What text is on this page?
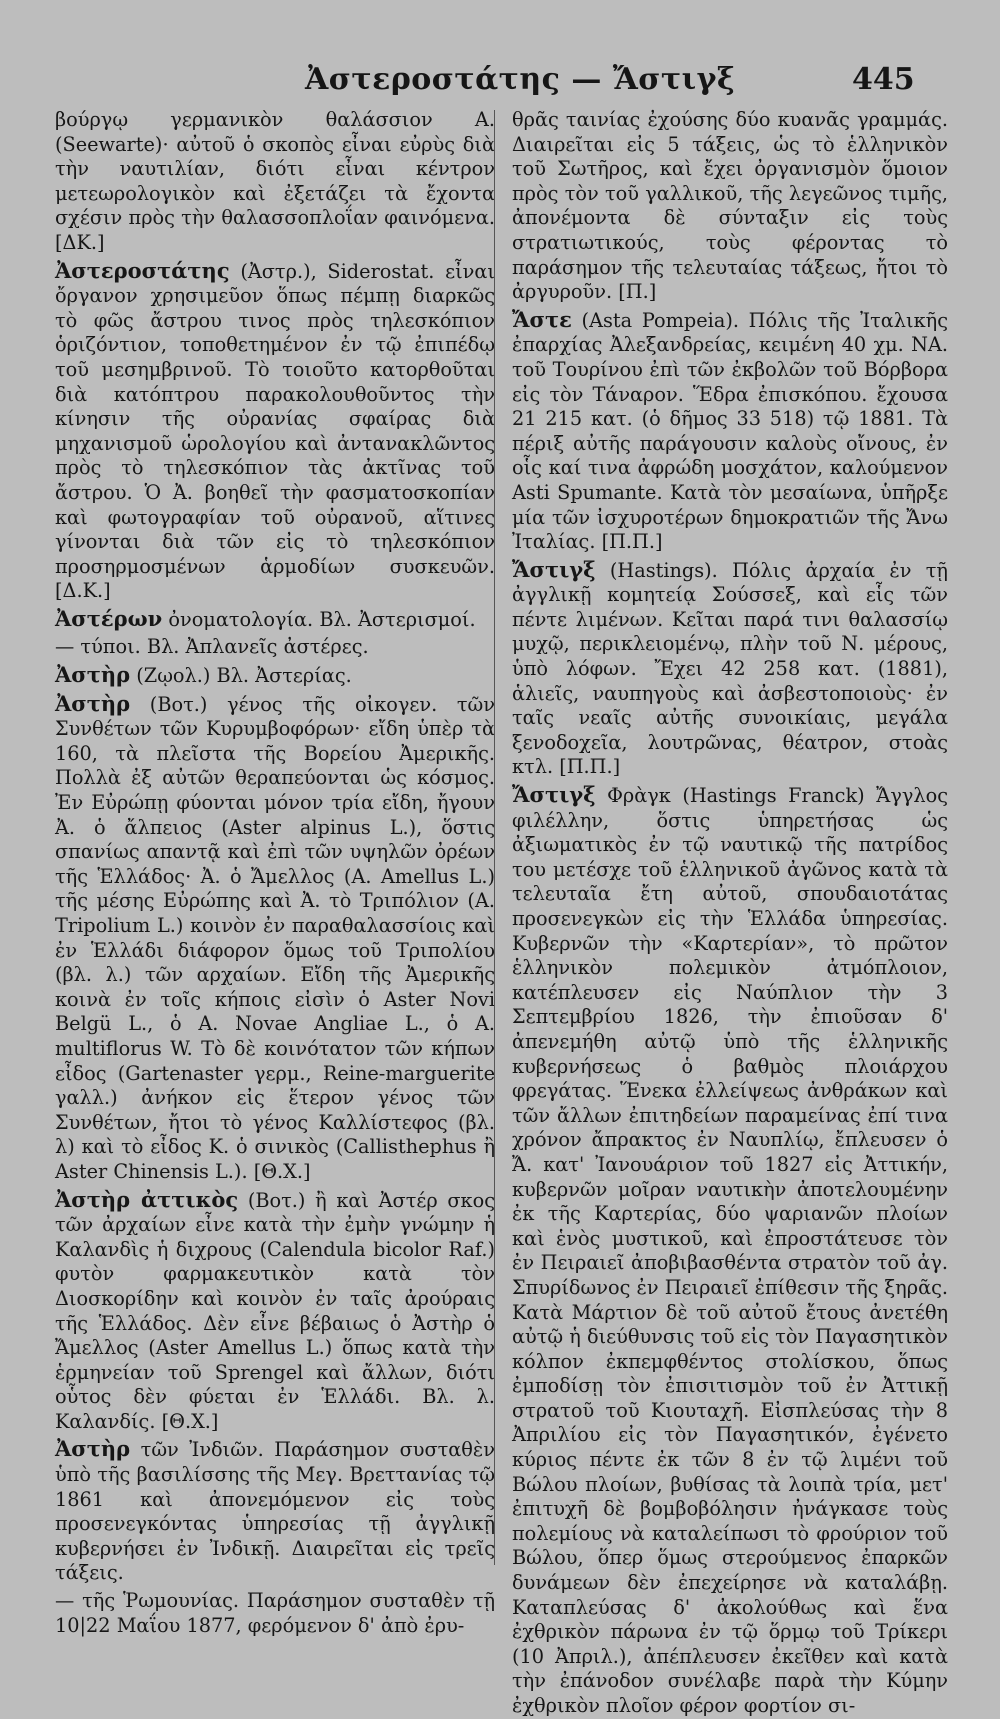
Ἀστεροστάτης — Ἄστιγξ	445

βούργῳ γερμανικὸν θαλάσσιον Α.(Seewarte)· αὐτοῦ ὁ σκοπὸς εἶναι εὐρὺς διὰ τὴν ναυτιλίαν, διότι εἶναι κέντρον μετεωρολογικὸν καὶ ἐξετάζει τὰ ἔχοντα σχέσιν πρὸς τὴν θαλασσοπλοΐαν φαινόμενα. [ΔΚ.]

Ἀστεροστάτης (Ἀστρ.), Siderostat. εἶναι ὄργανον χρησιμεῦον ὅπως πέμπῃ διαρκῶς τὸ φῶς ἄστρου τινος πρὸς τηλεσκόπιον ὁριζόντιον, τοποθετημένον ἐν τῷ ἐπιπέδῳ τοῦ μεσημβρινοῦ. Τὸ τοιοῦτο κατορθοῦται διὰ κατόπτρου παρακολουθοῦντος τὴν κίνησιν τῆς οὐρανίας σφαίρας διὰ μηχανισμοῦ ὡρολογίου καὶ ἀντανακλῶντος πρὸς τὸ τηλεσκόπιον τὰς ἀκτῖνας τοῦ ἄστρου. Ὁ Ἀ. βοηθεῖ τὴν φασματοσκοπίαν καὶ φωτογραφίαν τοῦ οὐρανοῦ, αἵτινες γίνονται διὰ τῶν εἰς τὸ τηλεσκόπιον προσηρμοσμένων ἁρμοδίων συσκευῶν. [Δ.Κ.]

Ἀστέρων ὀνοματολογία. Βλ. Ἀστερισμοί.

— τύποι. Βλ. Ἀπλανεῖς ἀστέρες.

Ἀστὴρ (Ζῳολ.) Βλ. Ἀστερίας.

Ἀστὴρ (Βοτ.) γένος τῆς οἰκογεν. τῶν Συνθέτων τῶν Κυρυμβοφόρων· εἴδη ὑπὲρ τὰ 160, τὰ πλεῖστα τῆς Βορείου Ἀμερικῆς. Πολλὰ ἐξ αὐτῶν θεραπεύονται ὡς κόσμος. Ἐν Εὐρώπῃ φύονται μόνον τρία εἴδη, ἤγουν Ἀ. ὁ ἄλπειος (Aster alpinus L.), ὅστις σπανίως απαντᾷ καὶ ἐπὶ τῶν υψηλῶν ὀρέων τῆς Ἑλλάδος· Ἀ. ὁ Ἄμελλος (A. Amellus L.) τῆς μέσης Εὐρώπης καὶ Ἀ. τὸ Τριπόλιον (A. Tripolium L.) κοινὸν ἐν παραθαλασσίοις καὶ ἐν Ἑλλάδι διάφορον ὅμως τοῦ Τριπολίου (βλ. λ.) τῶν αρχαίων. Εἴδη τῆς Ἀμερικῆς κοινὰ ἐν τοῖς κήποις εἰσὶν ὁ Aster Novi Belgü L., ὁ A. Novae Angliae L., ὁ A. multiflorus W. Τὸ δὲ κοινότατον τῶν κήπων εἶδος (Gartenaster γερμ., Reine-marguerite γαλλ.) ἀνήκον εἰς ἕτερον γένος τῶν Συνθέτων, ἤτοι τὸ γένος Καλλίστεφος (βλ. λ) καὶ τὸ εἶδος Κ. ὁ σινικὸς (Callisthephus ἢ Aster Chinensis L.). [Θ.Χ.]

Ἀστὴρ ἀττικὸς (Βοτ.) ἢ καὶ Ἀστέρ σκος τῶν ἀρχαίων εἶνε κατὰ τὴν ἐμὴν γνώμην ἡ Καλανδὶς ἡ διχρους (Calendula bicolor Raf.) φυτὸν φαρμακευτικὸν κατὰ τὸν Διοσκορίδην καὶ κοινὸν ἐν ταῖς ἀρούραις τῆς Ἑλλάδος. Δὲν εἶνε βέβαιως ὁ Ἀστὴρ ὁ Ἄμελλος (Aster Amellus L.) ὅπως κατὰ τὴν ἑρμηνείαν τοῦ Sprengel καὶ ἄλλων, διότι οὗτος δὲν φύεται ἐν Ἑλλάδι. Βλ. λ. Καλανδίς. [Θ.Χ.]

Ἀστὴρ τῶν Ἰνδιῶν. Παράσημον συσταθὲν ὑπὸ τῆς βασιλίσσης τῆς Μεγ. Βρεττανίας τῷ 1861 καὶ ἀπονεμόμενον εἰς τοὺς προσενεγκόντας ὑπηρεσίας τῇ ἀγγλικῇ κυβερνήσει ἐν Ἰνδικῇ. Διαιρεῖται εἰς τρεῖς τάξεις.

— τῆς Ῥωμουνίας. Παράσημον συσταθὲν τῇ 10|22 Μαΐου 1877, φερόμενον δ' ἀπὸ ἐρυ-

θρᾶς ταινίας ἐχούσης δύο κυανᾶς γραμμάς. Διαιρεῖται εἰς 5 τάξεις, ὡς τὸ ἑλληνικὸν τοῦ Σωτῆρος, καὶ ἔχει ὀργανισμὸν ὅμοιον πρὸς τὸν τοῦ γαλλικοῦ, τῆς λεγεῶνος τιμῆς, ἀπονέμοντα δὲ σύνταξιν εἰς τοὺς στρατιωτικούς, τοὺς φέροντας τὸ παράσημον τῆς τελευταίας τάξεως, ἤτοι τὸ ἀργυροῦν. [Π.]

Ἄστε (Asta Pompeia). Πόλις τῆς Ἰταλικῆς ἐπαρχίας Ἀλεξανδρείας, κειμένη 40 χμ. ΝΑ. τοῦ Τουρίνου ἐπὶ τῶν ἐκβολῶν τοῦ Βόρβορα εἰς τὸν Τάναρον. Ἕδρα ἐπισκόπου. ἔχουσα 21 215 κατ. (ὁ δῆμος 33 518) τῷ 1881. Τὰ πέριξ αὐτῆς παράγουσιν καλοὺς οἴνους, ἐν οἷς καί τινα ἀφρώδη μοσχάτον, καλούμενον Asti Spumante. Κατὰ τὸν μεσαίωνα, ὑπῆρξε μία τῶν ἰσχυροτέρων δημοκρατιῶν τῆς Ἄνω Ἰταλίας. [Π.Π.]

Ἄστιγξ (Hastings). Πόλις ἀρχαία ἐν τῇ ἀγγλικῇ κομητείᾳ Σούσσεξ, καὶ εἷς τῶν πέντε λιμένων. Κεῖται παρά τινι θαλασσίῳ μυχῷ, περικλειομένῳ, πλὴν τοῦ Ν. μέρους, ὑπὸ λόφων. Ἔχει 42 258 κατ. (1881), ἁλιεῖς, ναυπηγοὺς καὶ ἀσβεστοποιοὺς· ἐν ταῖς νεαῖς αὐτῆς συνοικίαις, μεγάλα ξενοδοχεῖα, λουτρῶνας, θέατρον, στοὰς κτλ. [Π.Π.]

Ἄστιγξ Φρὰγκ (Hastings Franck) Ἄγγλος φιλέλλην, ὅστις ὑπηρετήσας ὡς ἀξιωματικὸς ἐν τῷ ναυτικῷ τῆς πατρίδος του μετέσχε τοῦ ἑλληνικοῦ ἀγῶνος κατὰ τὰ τελευταῖα ἔτη αὐτοῦ, σπουδαιοτάτας προσενεγκὼν εἰς τὴν Ἑλλάδα ὑπηρεσίας. Κυβερνῶν τὴν «Καρτερίαν», τὸ πρῶτον ἑλληνικὸν πολεμικὸν ἀτμόπλοιον, κατέπλευσεν εἰς Ναύπλιον τὴν 3 Σεπτεμβρίου 1826, τὴν ἐπιοῦσαν δ' ἀπενεμήθη αὐτῷ ὑπὸ τῆς ἑλληνικῆς κυβερνήσεως ὁ βαθμὸς πλοιάρχου φρεγάτας. Ἕνεκα ἐλλείψεως ἀνθράκων καὶ τῶν ἄλλων ἐπιτηδείων παραμείνας ἐπί τινα χρόνον ἄπρακτος ἐν Ναυπλίῳ, ἔπλευσεν ὁ Ἄ. κατ' Ἰανουάριον τοῦ 1827 εἰς Ἀττικήν, κυβερνῶν μοῖραν ναυτικὴν ἀποτελουμένην ἐκ τῆς Καρτερίας, δύο ψαριανῶν πλοίων καὶ ἑνὸς μυστικοῦ, καὶ ἐπροστάτευσε τὸν ἐν Πειραιεῖ ἀποβιβασθέντα στρατὸν τοῦ ἀγ. Σπυρίδωνος ἐν Πειραιεῖ ἐπίθεσιν τῆς ξηρᾶς. Κατὰ Μάρτιον δὲ τοῦ αὐτοῦ ἔτους ἀνετέθη αὐτῷ ἡ διεύθυνσις τοῦ εἰς τὸν Παγασητικὸν κόλπον ἐκπεμφθέντος στολίσκου, ὅπως ἐμποδίσῃ τὸν ἐπισιτισμὸν τοῦ ἐν Ἀττικῇ στρατοῦ τοῦ Κιουταχῆ. Εἰσπλεύσας τὴν 8 Ἀπριλίου εἰς τὸν Παγασητικόν, ἐγένετο κύριος πέντε ἐκ τῶν 8 ἐν τῷ λιμένι τοῦ Βώλου πλοίων, βυθίσας τὰ λοιπὰ τρία, μετ' ἐπιτυχῆ δὲ βομβοβόλησιν ἠνάγκασε τοὺς πολεμίους νὰ καταλείπωσι τὸ φρούριον τοῦ Βώλου, ὅπερ ὅμως στερούμενος ἐπαρκῶν δυνάμεων δὲν ἐπεχείρησε νὰ καταλάβῃ. Καταπλεύσας δ' ἀκολούθως καὶ ἕνα ἐχθρικὸν πάρωνα ἐν τῷ ὅρμῳ τοῦ Τρίκερι (10 Ἀπριλ.), ἀπέπλευσεν ἐκεῖθεν καὶ κατὰ τὴν ἐπάνοδον συνέλαβε παρὰ τὴν Κύμην ἐχθρικὸν πλοῖον φέρον φορτίον σι-
